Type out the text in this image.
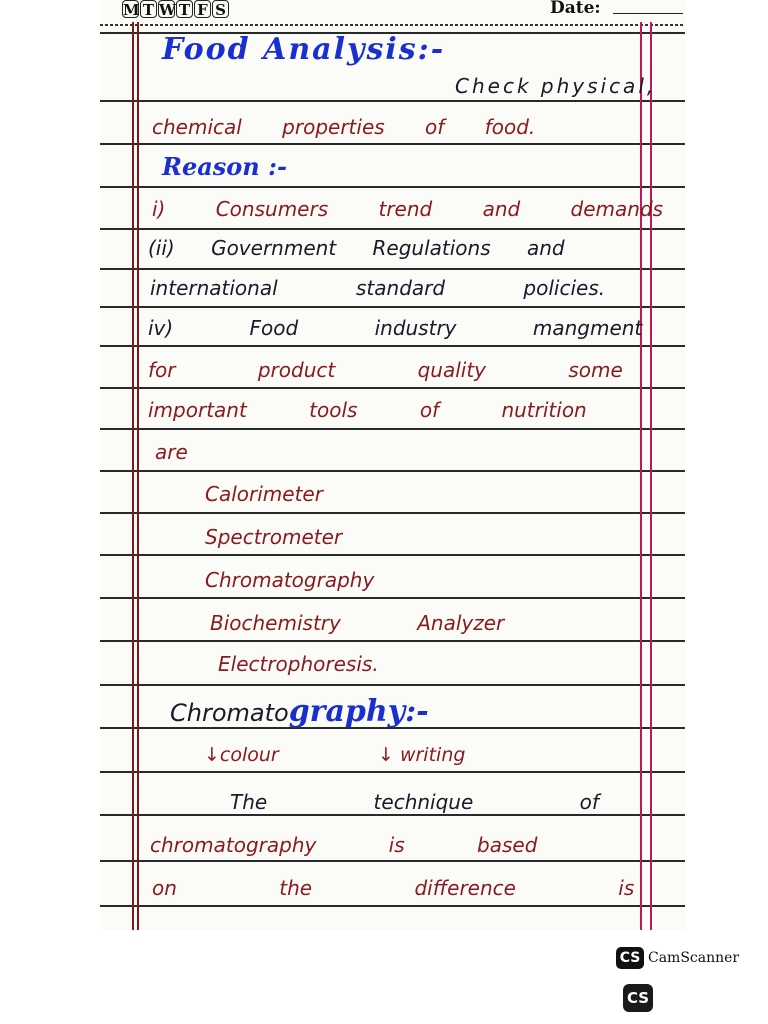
M T W T F S	Date:
Food Analysis:-
Check physical,
chemical properties of food.
Reason :-
i) Consumers trend and demands
(ii) Government Regulations and
international standard policies.
iv) Food industry mangment
for product quality some
important tools of nutrition
are
Calorimeter
Spectrometer
Chromatography
Biochemistry Analyzer
Electrophoresis.
Chromatography:-
↓colour	↓ writing
The technique of
chromatography is based
on the difference is
CS CamScanner
CS
